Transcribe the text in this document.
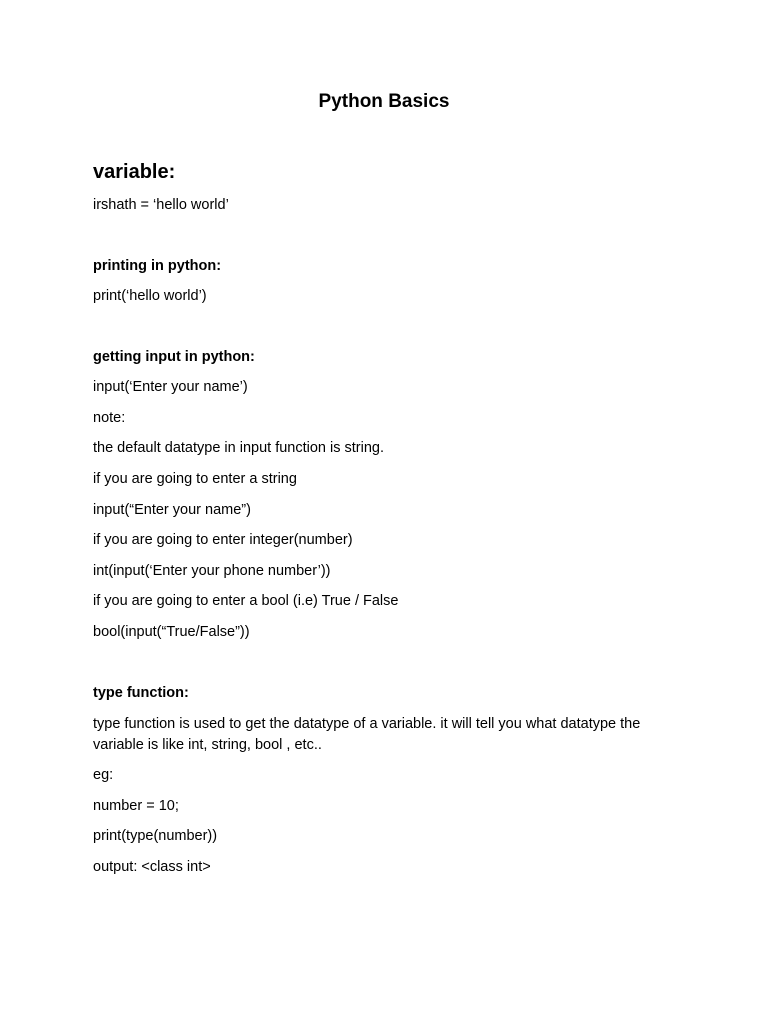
Python Basics
variable:

irshath = ‘hello world’

printing in python:

print(‘hello world’)

getting input in python:

input(‘Enter your name’)

note:

the default datatype in input function is string.

if you are going to enter a string

input(“Enter your name”)

if you are going to enter integer(number)

int(input(‘Enter your phone number’))

if you are going to enter a bool (i.e) True / False

bool(input(“True/False”))

type function:

type function is used to get the datatype of a variable. it will tell you what datatype the variable is like int, string, bool , etc..

eg:

number = 10;

print(type(number))

output: <class int>
